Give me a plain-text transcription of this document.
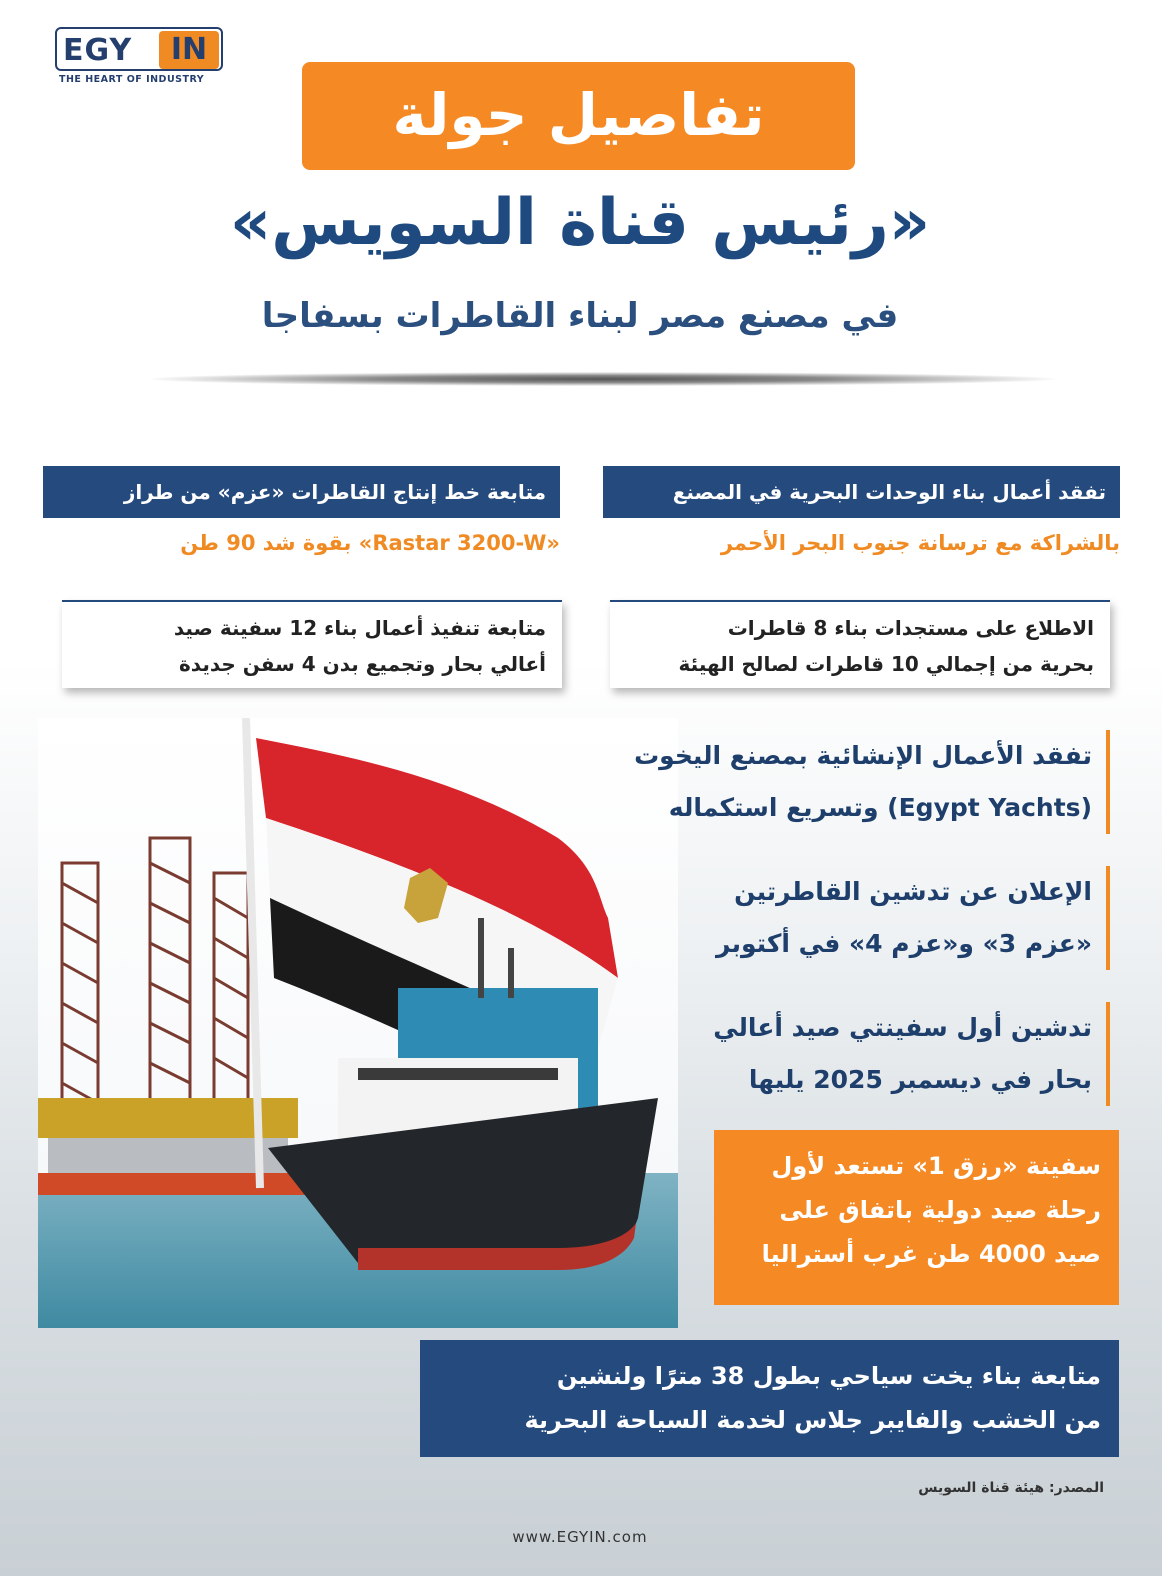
EGY	IN
THE HEART OF INDUSTRY
تفاصيل جولة
«رئيس قناة السويس»
في مصنع مصر لبناء القاطرات بسفاجا
تفقد أعمال بناء الوحدات البحرية في المصنع
بالشراكة مع ترسانة جنوب البحر الأحمر
متابعة خط إنتاج القاطرات «عزم» من طراز
«Rastar 3200-W» بقوة شد 90 طن
الاطلاع على مستجدات بناء 8 قاطرات
بحرية من إجمالي 10 قاطرات لصالح الهيئة
متابعة تنفيذ أعمال بناء 12 سفينة صيد
أعالي بحار وتجميع بدن 4 سفن جديدة
تفقد الأعمال الإنشائية بمصنع اليخوت
(Egypt Yachts) وتسريع استكماله
الإعلان عن تدشين القاطرتين
«عزم 3» و«عزم 4» في أكتوبر
تدشين أول سفينتي صيد أعالي
بحار في ديسمبر 2025 يليها
سفينة «رزق 1» تستعد لأول
رحلة صيد دولية باتفاق على
صيد 4000 طن غرب أستراليا
متابعة بناء يخت سياحي بطول 38 مترًا ولنشين
من الخشب والفايبر جلاس لخدمة السياحة البحرية
المصدر: هيئة قناة السويس
www.EGYIN.com
